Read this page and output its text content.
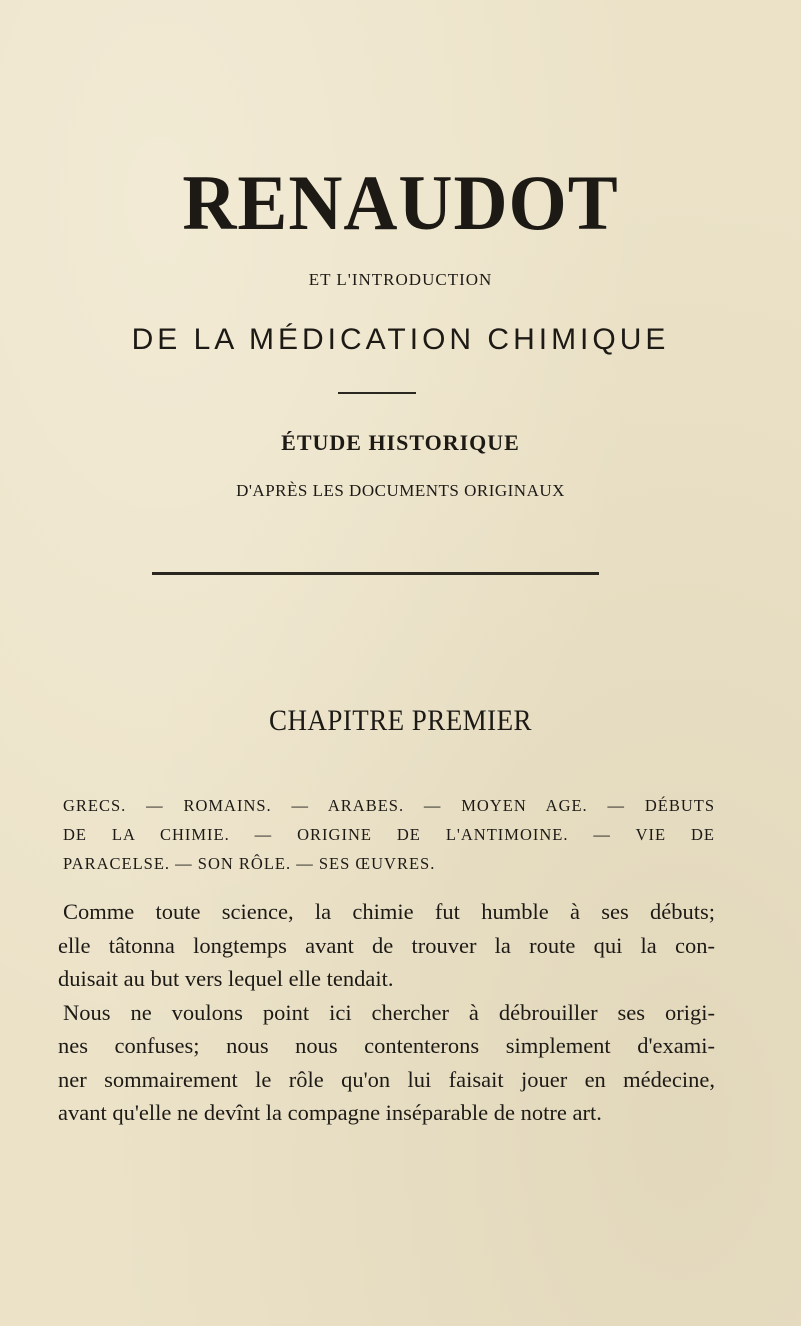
RENAUDOT
ET L'INTRODUCTION
DE LA MÉDICATION CHIMIQUE
ÉTUDE HISTORIQUE
D'APRÈS LES DOCUMENTS ORIGINAUX
CHAPITRE PREMIER
GRECS. — ROMAINS. — ARABES. — MOYEN AGE. — DÉBUTS
DE LA CHIMIE. — ORIGINE DE L'ANTIMOINE. — VIE DE
PARACELSE. — SON RÔLE. — SES ŒUVRES.
Comme toute science, la chimie fut humble à ses débuts;
elle tâtonna longtemps avant de trouver la route qui la con-
duisait au but vers lequel elle tendait.
Nous ne voulons point ici chercher à débrouiller ses origi-
nes confuses; nous nous contenterons simplement d'exami-
ner sommairement le rôle qu'on lui faisait jouer en médecine,
avant qu'elle ne devînt la compagne inséparable de notre art.
